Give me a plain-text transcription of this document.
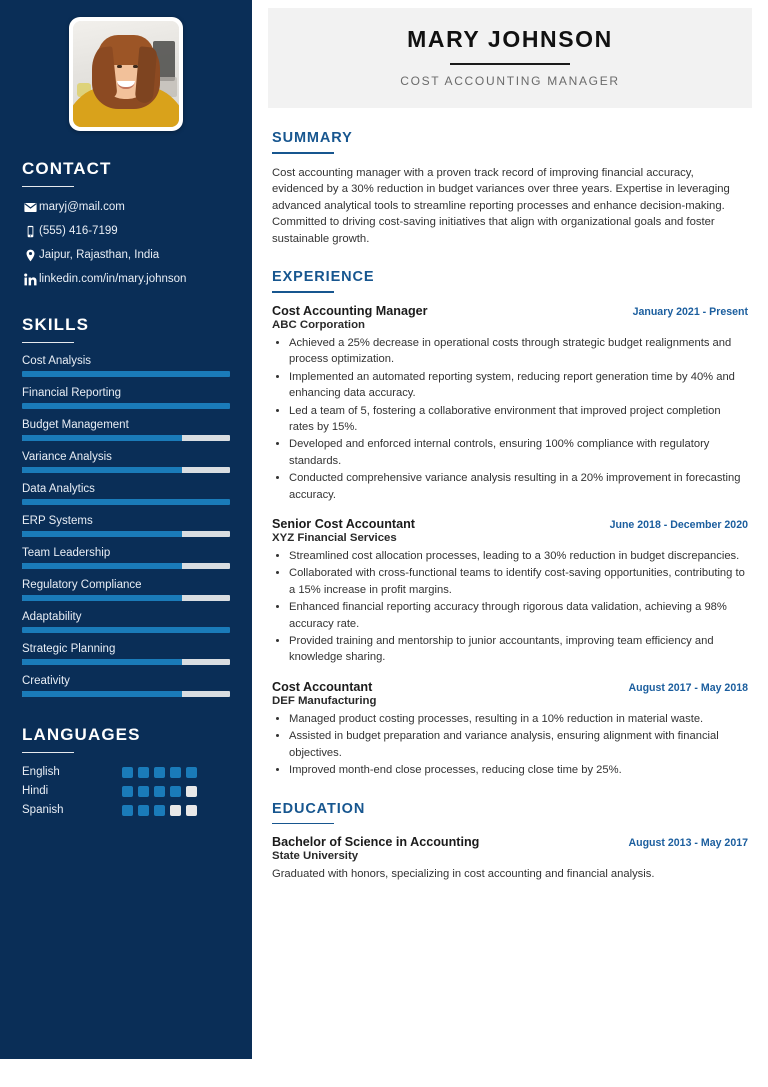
CONTACT
maryj@mail.com
(555) 416-7199
Jaipur, Rajasthan, India
linkedin.com/in/mary.johnson
SKILLS
Cost Analysis
Financial Reporting
Budget Management
Variance Analysis
Data Analytics
ERP Systems
Team Leadership
Regulatory Compliance
Adaptability
Strategic Planning
Creativity
LANGUAGES
English
Hindi
Spanish
MARY JOHNSON
COST ACCOUNTING MANAGER
SUMMARY

Cost accounting manager with a proven track record of improving financial accuracy, evidenced by a 30% reduction in budget variances over three years. Expertise in leveraging advanced analytical tools to streamline reporting processes and enhance decision-making. Committed to driving cost-saving initiatives that align with organizational goals and foster sustainable growth.

EXPERIENCE
Cost Accounting Manager	January 2021 - Present
ABC Corporation
• Achieved a 25% decrease in operational costs through strategic budget realignments and process optimization.
• Implemented an automated reporting system, reducing report generation time by 40% and enhancing data accuracy.
• Led a team of 5, fostering a collaborative environment that improved project completion rates by 15%.
• Developed and enforced internal controls, ensuring 100% compliance with regulatory standards.
• Conducted comprehensive variance analysis resulting in a 20% improvement in forecasting accuracy.
Senior Cost Accountant	June 2018 - December 2020
XYZ Financial Services
• Streamlined cost allocation processes, leading to a 30% reduction in budget discrepancies.
• Collaborated with cross-functional teams to identify cost-saving opportunities, contributing to a 15% increase in profit margins.
• Enhanced financial reporting accuracy through rigorous data validation, achieving a 98% accuracy rate.
• Provided training and mentorship to junior accountants, improving team efficiency and knowledge sharing.
Cost Accountant	August 2017 - May 2018
DEF Manufacturing
• Managed product costing processes, resulting in a 10% reduction in material waste.
• Assisted in budget preparation and variance analysis, ensuring alignment with financial objectives.
• Improved month-end close processes, reducing close time by 25%.
EDUCATION
Bachelor of Science in Accounting	August 2013 - May 2017
State University

Graduated with honors, specializing in cost accounting and financial analysis.
